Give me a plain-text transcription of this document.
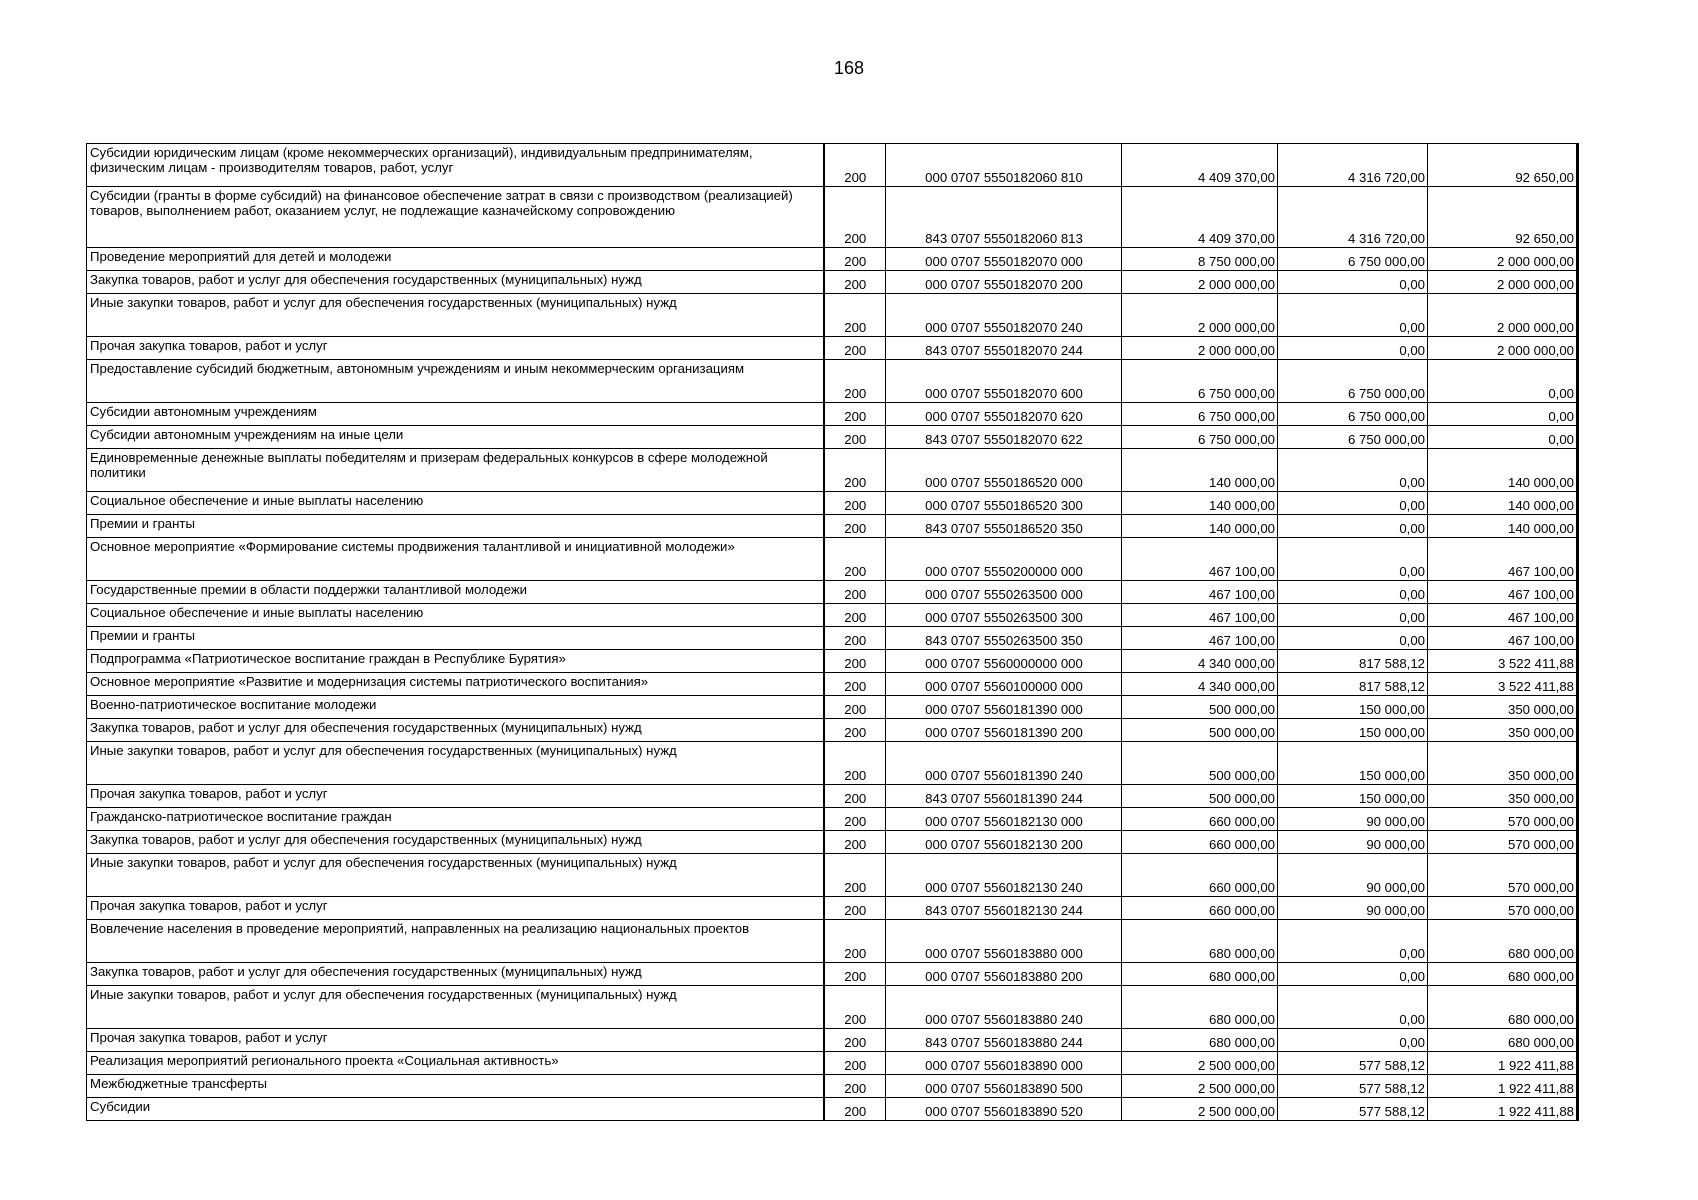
168
Субсидии юридическим лицам (кроме некоммерческих организаций), индивидуальным предпринимателям, физическим лицам - производителям товаров, работ, услуг	200	000 0707 5550182060 810	4 409 370,00	4 316 720,00	92 650,00
Субсидии (гранты в форме субсидий) на финансовое обеспечение затрат в связи с производством (реализацией) товаров, выполнением работ, оказанием услуг, не подлежащие казначейскому сопровождению	200	843 0707 5550182060 813	4 409 370,00	4 316 720,00	92 650,00
Проведение мероприятий для детей и молодежи	200	000 0707 5550182070 000	8 750 000,00	6 750 000,00	2 000 000,00
Закупка товаров, работ и услуг для обеспечения государственных (муниципальных) нужд	200	000 0707 5550182070 200	2 000 000,00	0,00	2 000 000,00
Иные закупки товаров, работ и услуг для обеспечения государственных (муниципальных) нужд	200	000 0707 5550182070 240	2 000 000,00	0,00	2 000 000,00
Прочая закупка товаров, работ и услуг	200	843 0707 5550182070 244	2 000 000,00	0,00	2 000 000,00
Предоставление субсидий бюджетным, автономным учреждениям и иным некоммерческим организациям	200	000 0707 5550182070 600	6 750 000,00	6 750 000,00	0,00
Субсидии автономным учреждениям	200	000 0707 5550182070 620	6 750 000,00	6 750 000,00	0,00
Субсидии автономным учреждениям на иные цели	200	843 0707 5550182070 622	6 750 000,00	6 750 000,00	0,00
Единовременные денежные выплаты победителям и призерам федеральных конкурсов в сфере молодежной политики	200	000 0707 5550186520 000	140 000,00	0,00	140 000,00
Социальное обеспечение и иные выплаты населению	200	000 0707 5550186520 300	140 000,00	0,00	140 000,00
Премии и гранты	200	843 0707 5550186520 350	140 000,00	0,00	140 000,00
Основное мероприятие «Формирование системы продвижения талантливой и инициативной молодежи»	200	000 0707 5550200000 000	467 100,00	0,00	467 100,00
Государственные премии в области поддержки талантливой молодежи	200	000 0707 5550263500 000	467 100,00	0,00	467 100,00
Социальное обеспечение и иные выплаты населению	200	000 0707 5550263500 300	467 100,00	0,00	467 100,00
Премии и гранты	200	843 0707 5550263500 350	467 100,00	0,00	467 100,00
Подпрограмма «Патриотическое воспитание граждан в Республике Бурятия»	200	000 0707 5560000000 000	4 340 000,00	817 588,12	3 522 411,88
Основное мероприятие «Развитие и модернизация системы патриотического воспитания»	200	000 0707 5560100000 000	4 340 000,00	817 588,12	3 522 411,88
Военно-патриотическое воспитание молодежи	200	000 0707 5560181390 000	500 000,00	150 000,00	350 000,00
Закупка товаров, работ и услуг для обеспечения государственных (муниципальных) нужд	200	000 0707 5560181390 200	500 000,00	150 000,00	350 000,00
Иные закупки товаров, работ и услуг для обеспечения государственных (муниципальных) нужд	200	000 0707 5560181390 240	500 000,00	150 000,00	350 000,00
Прочая закупка товаров, работ и услуг	200	843 0707 5560181390 244	500 000,00	150 000,00	350 000,00
Гражданско-патриотическое воспитание граждан	200	000 0707 5560182130 000	660 000,00	90 000,00	570 000,00
Закупка товаров, работ и услуг для обеспечения государственных (муниципальных) нужд	200	000 0707 5560182130 200	660 000,00	90 000,00	570 000,00
Иные закупки товаров, работ и услуг для обеспечения государственных (муниципальных) нужд	200	000 0707 5560182130 240	660 000,00	90 000,00	570 000,00
Прочая закупка товаров, работ и услуг	200	843 0707 5560182130 244	660 000,00	90 000,00	570 000,00
Вовлечение населения в проведение мероприятий, направленных на реализацию национальных проектов	200	000 0707 5560183880 000	680 000,00	0,00	680 000,00
Закупка товаров, работ и услуг для обеспечения государственных (муниципальных) нужд	200	000 0707 5560183880 200	680 000,00	0,00	680 000,00
Иные закупки товаров, работ и услуг для обеспечения государственных (муниципальных) нужд	200	000 0707 5560183880 240	680 000,00	0,00	680 000,00
Прочая закупка товаров, работ и услуг	200	843 0707 5560183880 244	680 000,00	0,00	680 000,00
Реализация мероприятий регионального проекта «Социальная активность»	200	000 0707 5560183890 000	2 500 000,00	577 588,12	1 922 411,88
Межбюджетные трансферты	200	000 0707 5560183890 500	2 500 000,00	577 588,12	1 922 411,88
Субсидии	200	000 0707 5560183890 520	2 500 000,00	577 588,12	1 922 411,88
